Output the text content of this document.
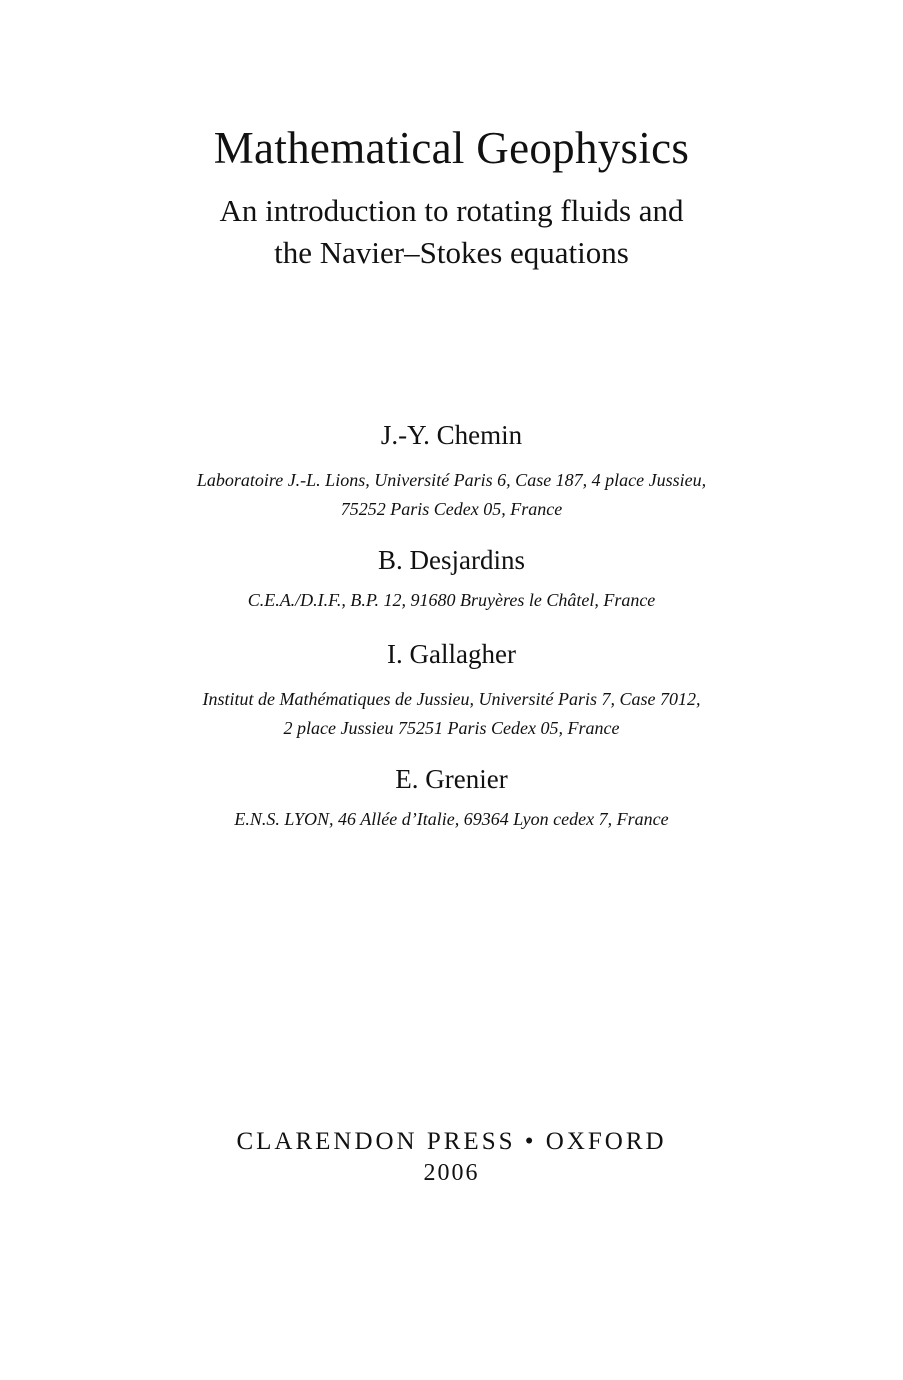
Mathematical Geophysics
An introduction to rotating fluids and
the Navier–Stokes equations
J.-Y. Chemin
Laboratoire J.-L. Lions, Université Paris 6, Case 187, 4 place Jussieu,
75252 Paris Cedex 05, France
B. Desjardins
C.E.A./D.I.F., B.P. 12, 91680 Bruyères le Châtel, France
I. Gallagher
Institut de Mathématiques de Jussieu, Université Paris 7, Case 7012,
2 place Jussieu 75251 Paris Cedex 05, France
E. Grenier
E.N.S. LYON, 46 Allée d’Italie, 69364 Lyon cedex 7, France
CLARENDON PRESS • OXFORD
2006
